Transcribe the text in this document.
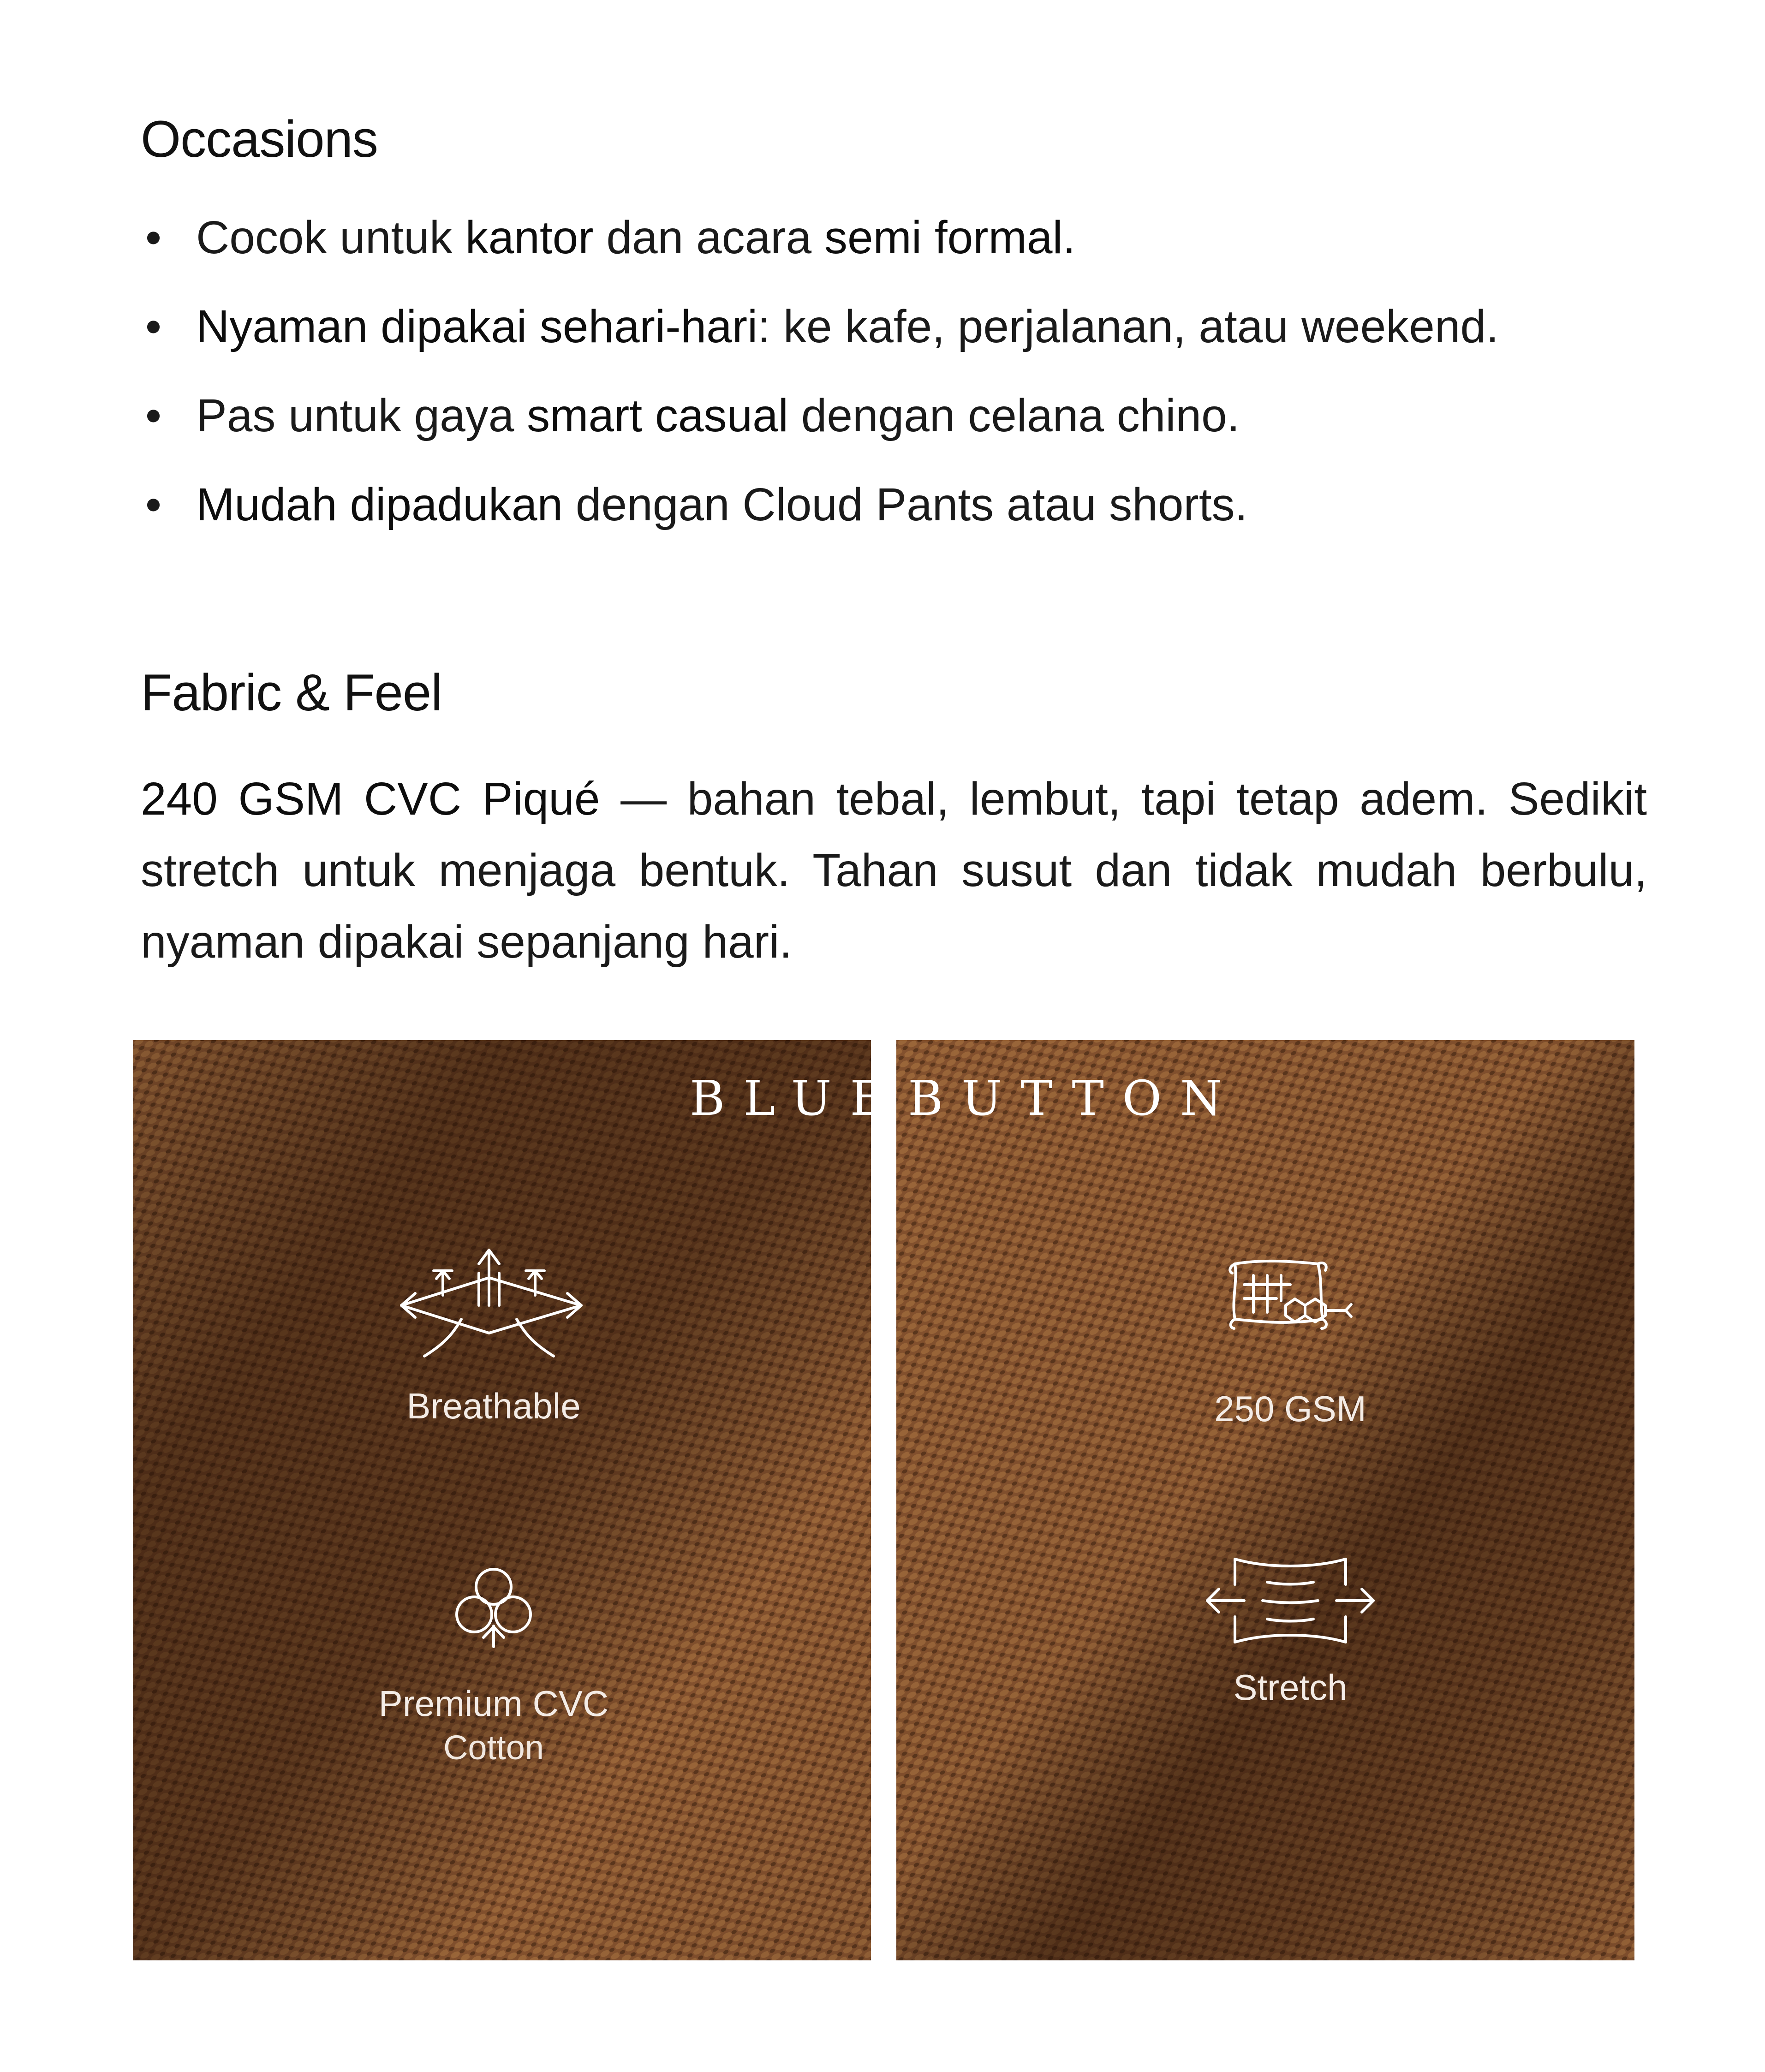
Occasions
• Cocok untuk kantor dan acara semi formal.
• Nyaman dipakai sehari-hari: ke kafe, perjalanan, atau weekend.
• Pas untuk gaya smart casual dengan celana chino.
• Mudah dipadukan dengan Cloud Pants atau shorts.
Fabric & Feel

240 GSM CVC Piqué — bahan tebal, lembut, tapi tetap adem. Sedikit stretch untuk menjaga bentuk. Tahan susut dan tidak mudah berbulu, nyaman dipakai sepanjang hari.

BLUE BUTTON
Breathable	250 GSM
Premium CVC
Cotton
Stretch
